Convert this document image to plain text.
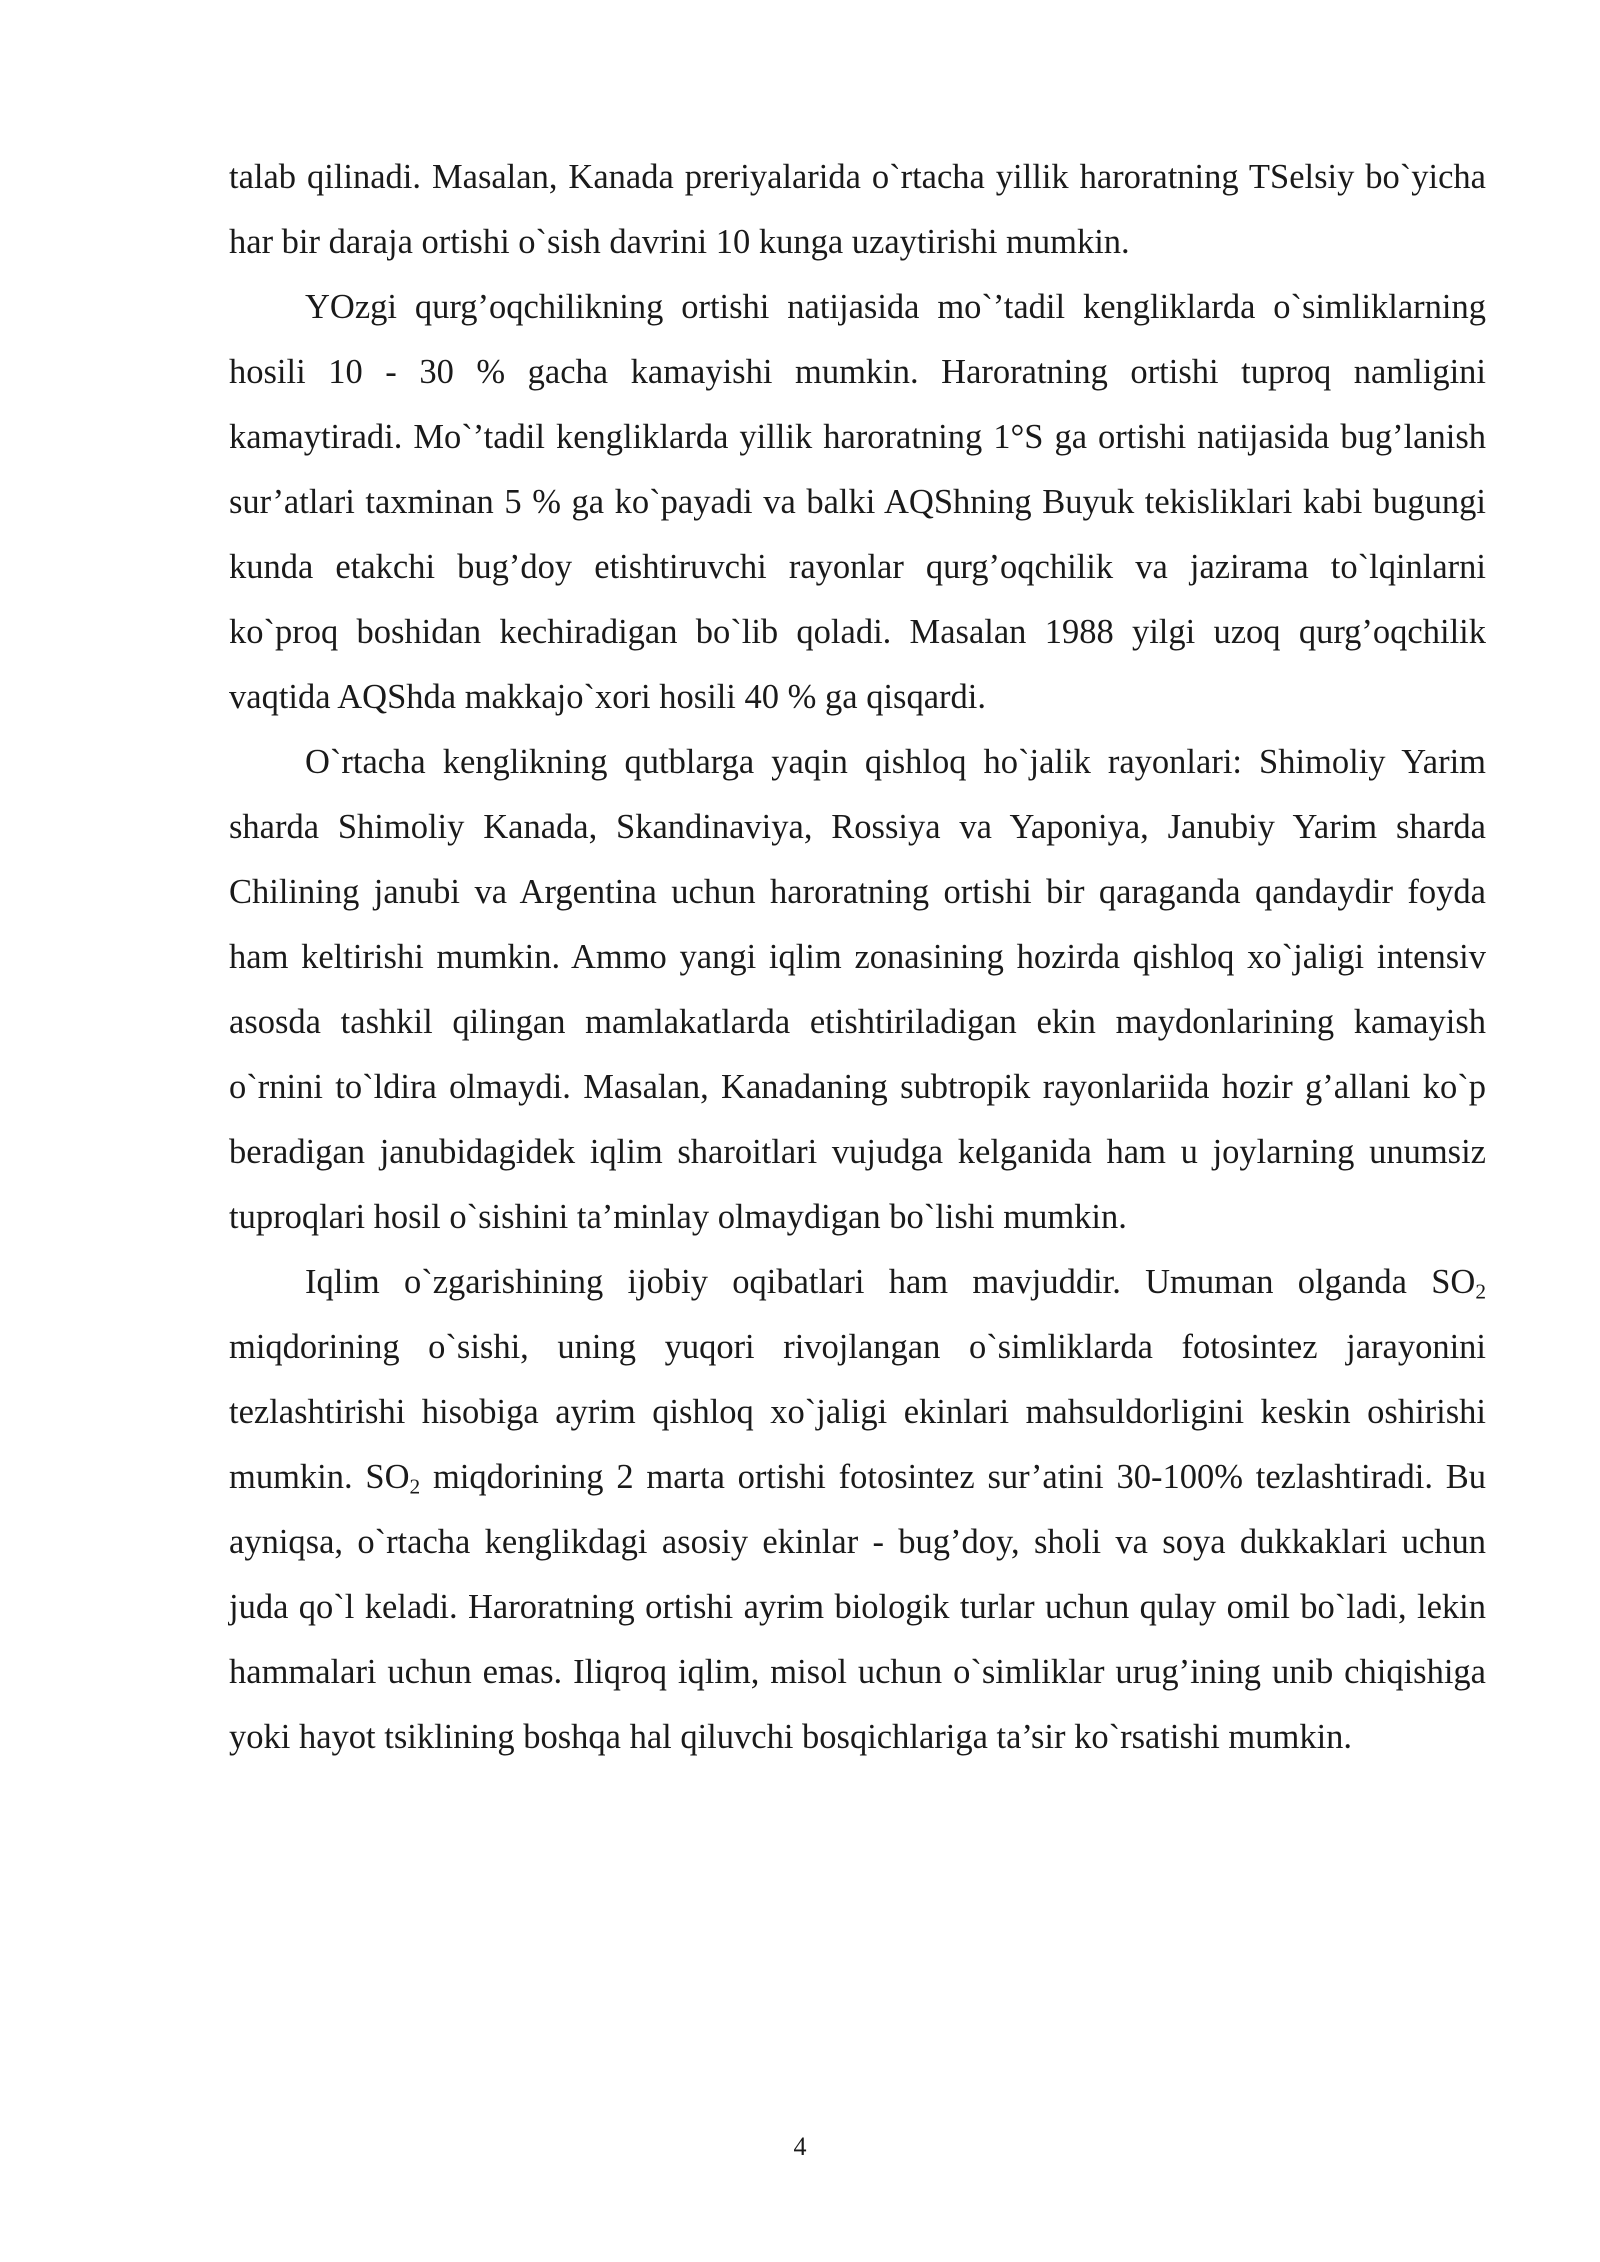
talab qilinadi. Masalan, Kanada preriyalarida o`rtacha yillik haroratning TSelsiy bo`yicha har bir daraja ortishi o`sish davrini 10 kunga uzaytirishi mumkin.

YOzgi qurg’oqchilikning ortishi natijasida mo`’tadil kengliklarda o`simliklarning hosili 10 - 30 % gacha kamayishi mumkin. Haroratning ortishi tuproq namligini kamaytiradi. Mo`’tadil kengliklarda yillik haroratning 1°S ga ortishi natijasida bug’lanish sur’atlari taxminan 5 % ga ko`payadi va balki AQShning Buyuk tekisliklari kabi bugungi kunda etakchi bug’doy etishtiruvchi rayonlar qurg’oqchilik va jazirama to`lqinlarni ko`proq boshidan kechiradigan bo`lib qoladi. Masalan 1988 yilgi uzoq qurg’oqchilik vaqtida AQShda makkajo`xori hosili 40 % ga qisqardi.

O`rtacha kenglikning qutblarga yaqin qishloq ho`jalik rayonlari: Shimoliy Yarim sharda Shimoliy Kanada, Skandinaviya, Rossiya va Yaponiya, Janubiy Yarim sharda Chilining janubi va Argentina uchun haroratning ortishi bir qaraganda qandaydir foyda ham keltirishi mumkin. Ammo yangi iqlim zonasining hozirda qishloq xo`jaligi intensiv asosda tashkil qilingan mamlakatlarda etishtiriladigan ekin maydonlarining kamayish o`rnini to`ldira olmaydi. Masalan, Kanadaning subtropik rayonlariida hozir g’allani ko`p beradigan janubidagidek iqlim sharoitlari vujudga kelganida ham u joylarning unumsiz tuproqlari hosil o`sishini ta’minlay olmaydigan bo`lishi mumkin.

Iqlim o`zgarishining ijobiy oqibatlari ham mavjuddir. Umuman olganda $SO_2$ miqdorining o`sishi, uning yuqori rivojlangan o`simliklarda fotosintez jarayonini tezlashtirishi hisobiga ayrim qishloq xo`jaligi ekinlari mahsuldorligini keskin oshirishi mumkin. $SO_2$ miqdorining 2 marta ortishi fotosintez sur’atini 30-100% tezlashtiradi. Bu ayniqsa, o`rtacha kenglikdagi asosiy ekinlar - bug’doy, sholi va soya dukkaklari uchun juda qo`l keladi. Haroratning ortishi ayrim biologik turlar uchun qulay omil bo`ladi, lekin hammalari uchun emas. Iliqroq iqlim, misol uchun o`simliklar urug’ining unib chiqishiga yoki hayot tsiklining boshqa hal qiluvchi bosqichlariga ta’sir ko`rsatishi mumkin.

4
